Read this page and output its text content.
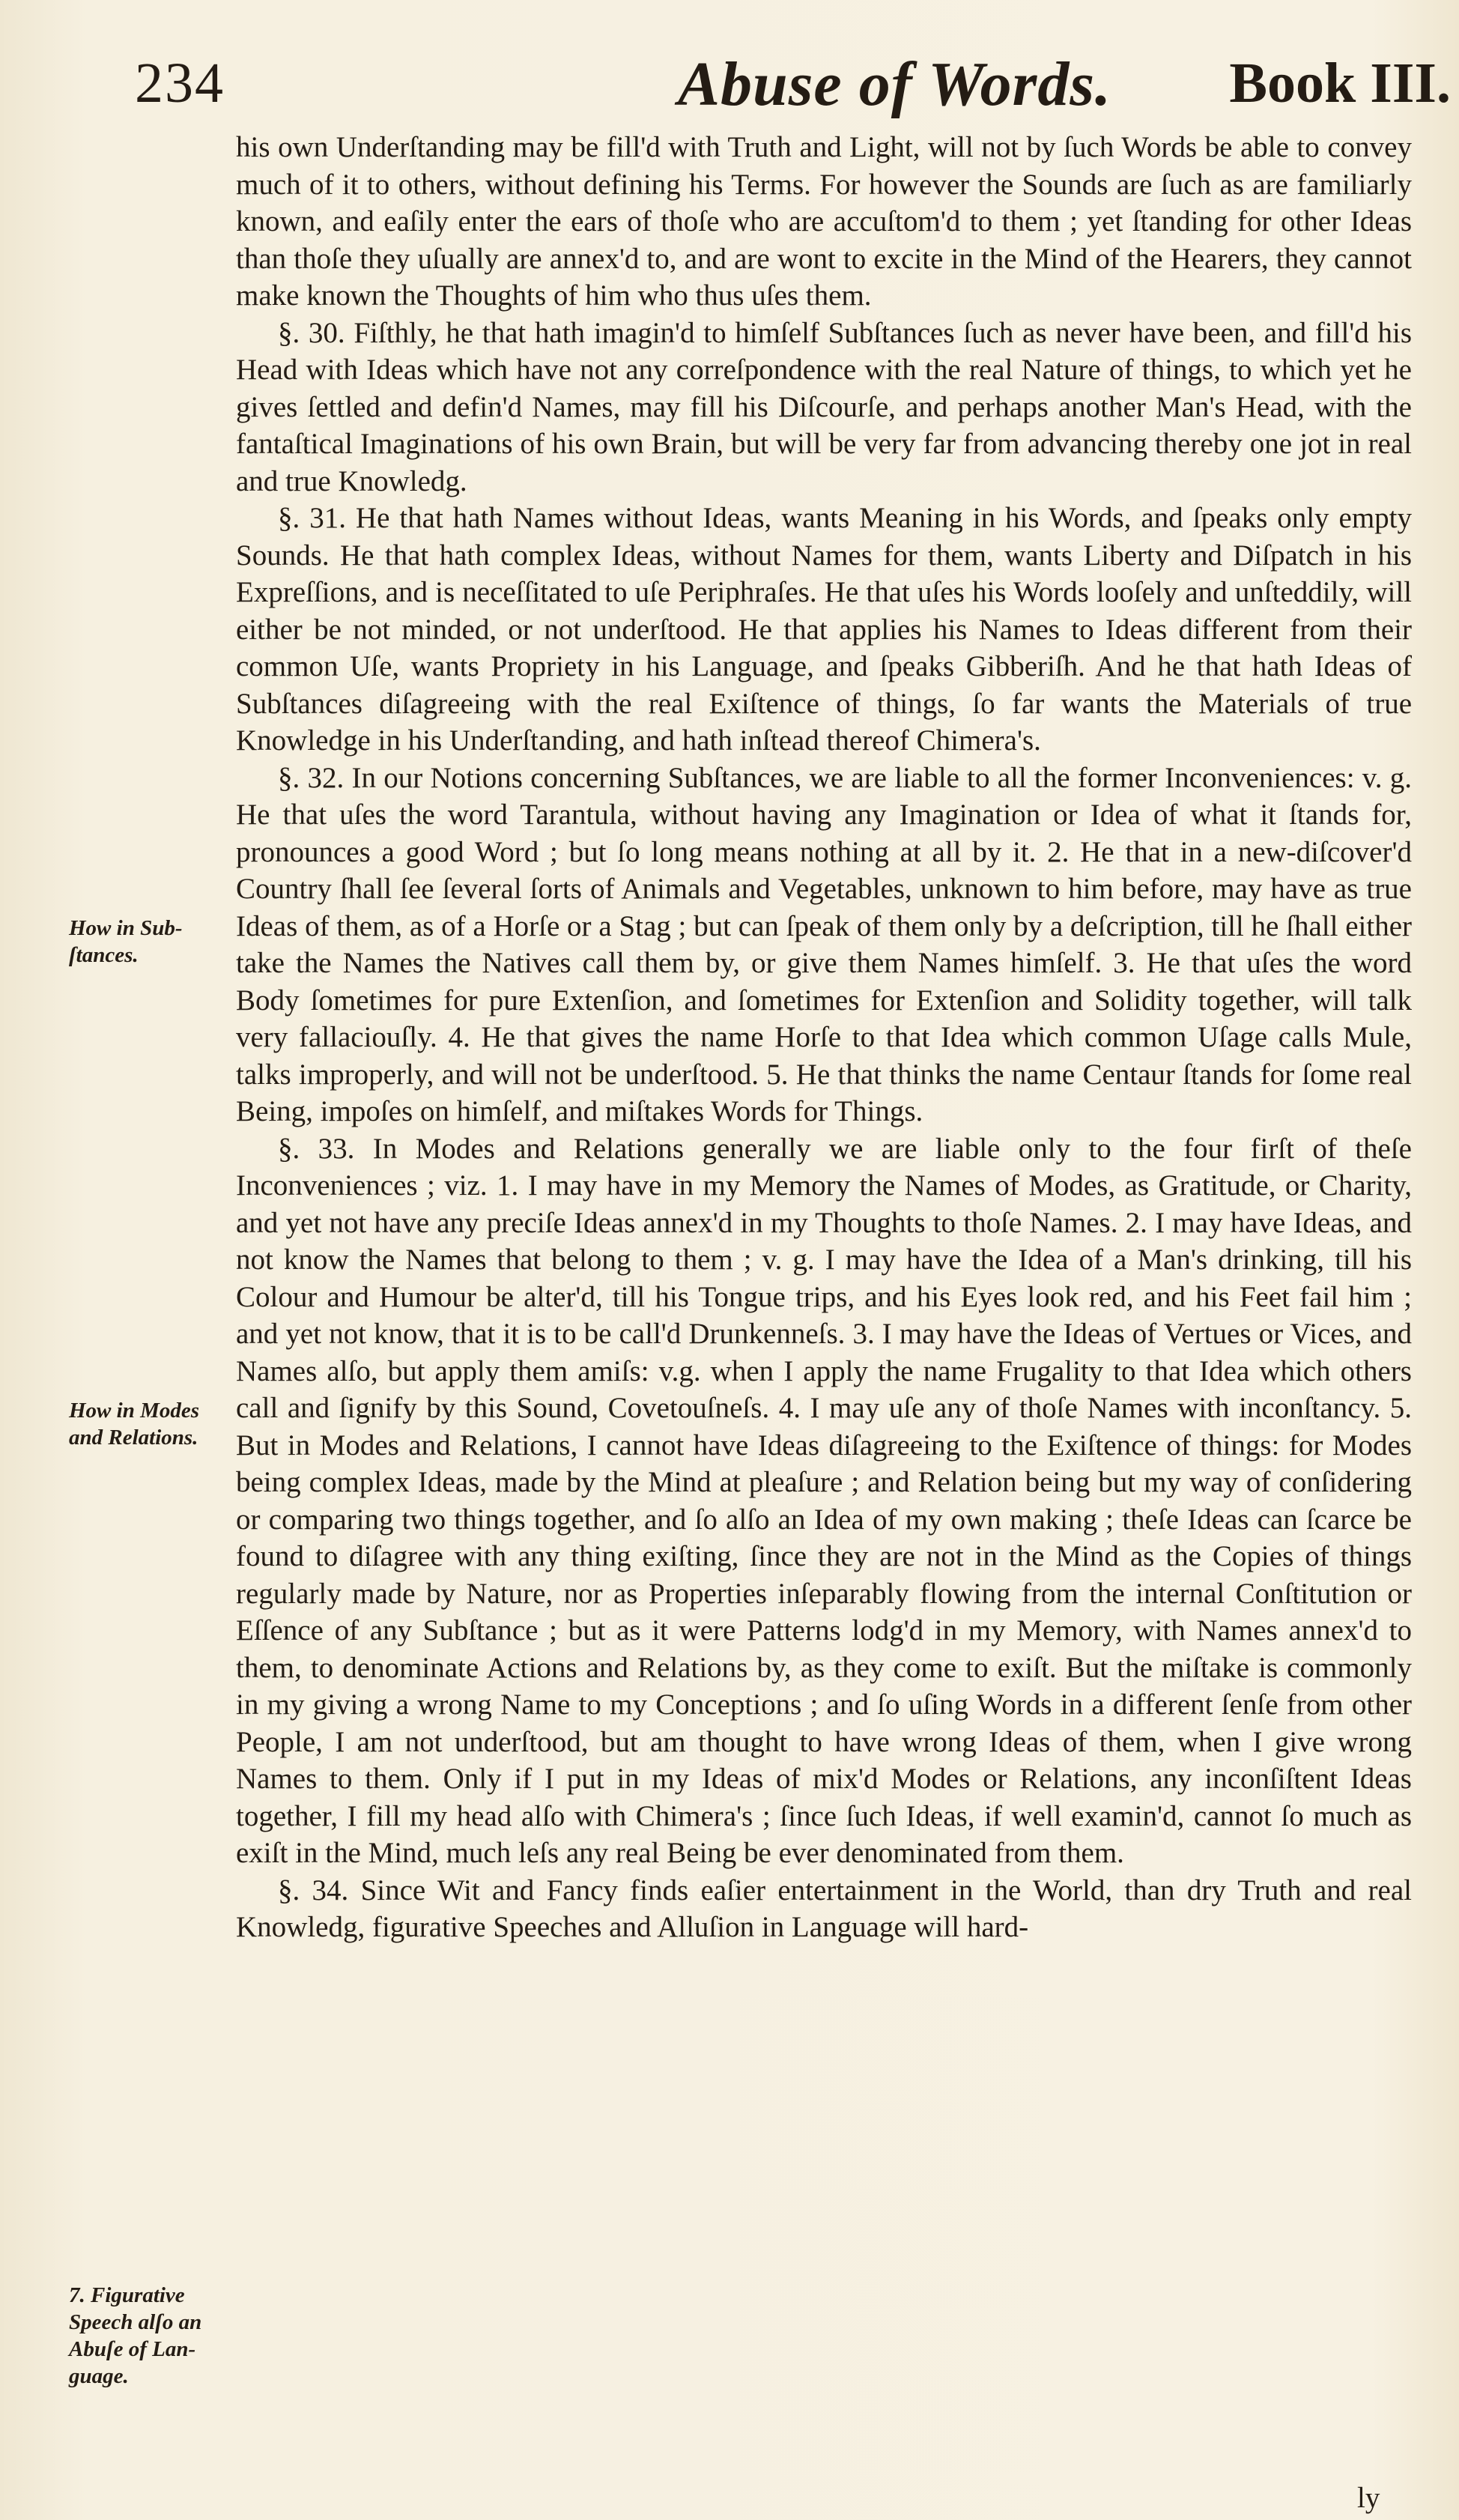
234	Abuse of Words. Book III.

his own Underſtanding may be fill'd with Truth and Light, will not by ſuch Words be able to convey much of it to others, without defining his Terms. For however the Sounds are ſuch as are familiarly known, and eaſily enter the ears of thoſe who are accuſtom'd to them ; yet ſtanding for other Ideas than thoſe they uſually are annex'd to, and are wont to excite in the Mind of the Hearers, they cannot make known the Thoughts of him who thus uſes them.

§. 30. Fiſthly, he that hath imagin'd to himſelf Subſtances ſuch as never have been, and fill'd his Head with Ideas which have not any correſpondence with the real Nature of things, to which yet he gives ſettled and defin'd Names, may fill his Diſcourſe, and perhaps another Man's Head, with the fantaſtical Imaginations of his own Brain, but will be very far from advancing thereby one jot in real and true Knowledg.

§. 31. He that hath Names without Ideas, wants Meaning in his Words, and ſpeaks only empty Sounds. He that hath complex Ideas, without Names for them, wants Liberty and Diſpatch in his Expreſſions, and is neceſſitated to uſe Periphraſes. He that uſes his Words looſely and unſteddily, will either be not minded, or not underſtood. He that applies his Names to Ideas different from their common Uſe, wants Propriety in his Language, and ſpeaks Gibberiſh. And he that hath Ideas of Subſtances diſagreeing with the real Exiſtence of things, ſo far wants the Materials of true Knowledge in his Underſtanding, and hath inſtead thereof Chimera's.

§. 32. In our Notions concerning Subſtances, we are liable to all the former Inconveniences: v. g. He that uſes the word Tarantula, without having any Imagination or Idea of what it ſtands for, pronounces a good Word ; but ſo long means nothing at all by it. 2. He that in a new-diſcover'd Country ſhall ſee ſeveral ſorts of Animals and Vegetables, unknown to him before, may have as true Ideas of them, as of a Horſe or a Stag ; but can ſpeak of them only by a deſcription, till he ſhall either take the Names the Natives call them by, or give them Names himſelf. 3. He that uſes the word Body ſometimes for pure Extenſion, and ſometimes for Extenſion and Solidity together, will talk very fallaciouſly. 4. He that gives the name Horſe to that Idea which common Uſage calls Mule, talks improperly, and will not be underſtood. 5. He that thinks the name Centaur ſtands for ſome real Being, impoſes on himſelf, and miſtakes Words for Things.

§. 33. In Modes and Relations generally we are liable only to the four firſt of theſe Inconveniences ; viz. 1. I may have in my Memory the Names of Modes, as Gratitude, or Charity, and yet not have any preciſe Ideas annex'd in my Thoughts to thoſe Names. 2. I may have Ideas, and not know the Names that belong to them ; v. g. I may have the Idea of a Man's drinking, till his Colour and Humour be alter'd, till his Tongue trips, and his Eyes look red, and his Feet fail him ; and yet not know, that it is to be call'd Drunkenneſs. 3. I may have the Ideas of Vertues or Vices, and Names alſo, but apply them amiſs: v.g. when I apply the name Frugality to that Idea which others call and ſignify by this Sound, Covetouſneſs. 4. I may uſe any of thoſe Names with inconſtancy. 5. But in Modes and Relations, I cannot have Ideas diſagreeing to the Exiſtence of things: for Modes being complex Ideas, made by the Mind at pleaſure ; and Relation being but my way of conſidering or comparing two things together, and ſo alſo an Idea of my own making ; theſe Ideas can ſcarce be found to diſagree with any thing exiſting, ſince they are not in the Mind as the Copies of things regularly made by Nature, nor as Properties inſeparably flowing from the internal Conſtitution or Eſſence of any Subſtance ; but as it were Patterns lodg'd in my Memory, with Names annex'd to them, to denominate Actions and Relations by, as they come to exiſt. But the miſtake is commonly in my giving a wrong Name to my Conceptions ; and ſo uſing Words in a different ſenſe from other People, I am not underſtood, but am thought to have wrong Ideas of them, when I give wrong Names to them. Only if I put in my Ideas of mix'd Modes or Relations, any inconſiſtent Ideas together, I fill my head alſo with Chimera's ; ſince ſuch Ideas, if well examin'd, cannot ſo much as exiſt in the Mind, much leſs any real Being be ever denominated from them.

§. 34. Since Wit and Fancy finds eaſier entertainment in the World, than dry Truth and real Knowledg, figurative Speeches and Alluſion in Language will hard-

How in Sub- ſtances.
How in Modes and Relations.
7. Figurative Speech alſo an Abuſe of Lan- guage.
ly
